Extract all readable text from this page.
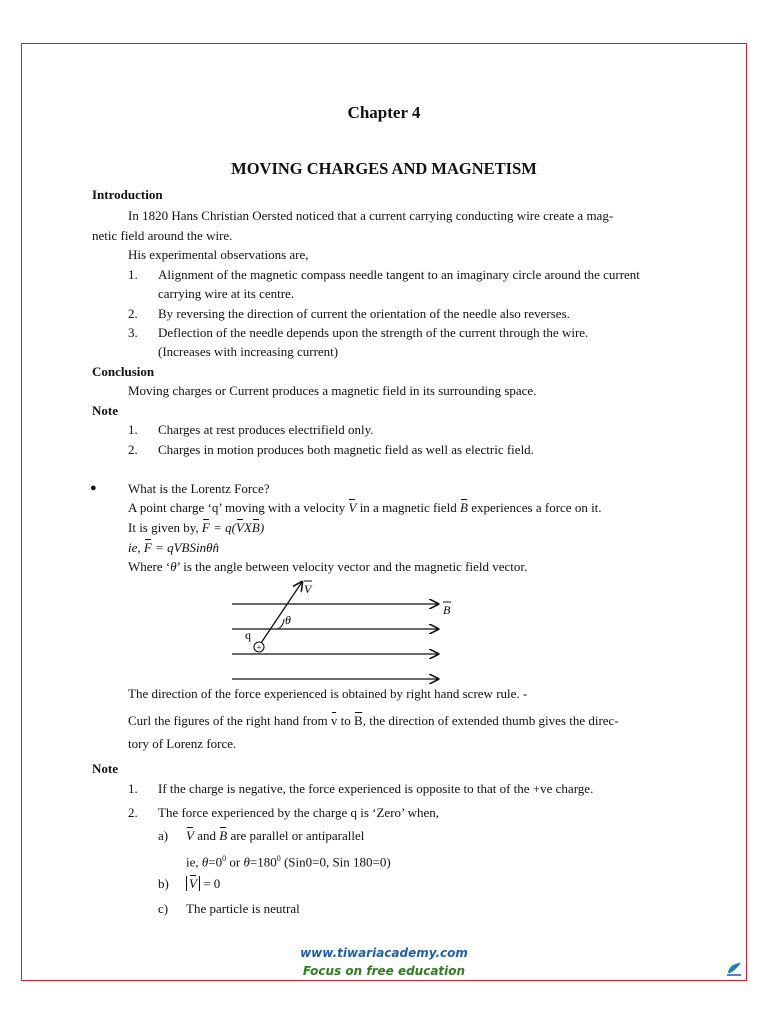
Chapter 4
MOVING CHARGES AND MAGNETISM
Introduction
In 1820 Hans Christian Oersted noticed that a current carrying conducting wire create a mag-
netic field around the wire.
His experimental observations are,
1. Alignment of the magnetic compass needle tangent to an imaginary circle around the current
carrying wire at its centre.
2. By reversing the direction of current the orientation of the needle also reverses.
3. Deflection of the needle depends upon the strength of the current through the wire.
(Increases with increasing current)
Conclusion
Moving charges or Current produces a magnetic field in its surrounding space.
Note
1. Charges at rest produces electrifield only.
2. Charges in motion produces both magnetic field as well as electric field.
● What is the Lorentz Force?
A point charge ‘q’ moving with a velocity V in a magnetic field B experiences a force on it.
It is given by, F = q(VXB)
ie, F = qVBSinθn̂
Where ‘θ’ is the angle between velocity vector and the magnetic field vector.
+
q
θ
V
B
The direction of the force experienced is obtained by right hand screw rule. -
Curl the figures of the right hand from v to B, the direction of extended thumb gives the direc-
tory of Lorenz force.
Note
1. If the charge is negative, the force experienced is opposite to that of the +ve charge.
2. The force experienced by the charge q is ‘Zero’ when,
a) V and B are parallel or antiparallel
ie, $\theta=0^0$ or $\theta=180^0$ (Sin0=0, Sin 180=0)
b) V = 0
c) The particle is neutral
www.tiwariacademy.com
Focus on free education
